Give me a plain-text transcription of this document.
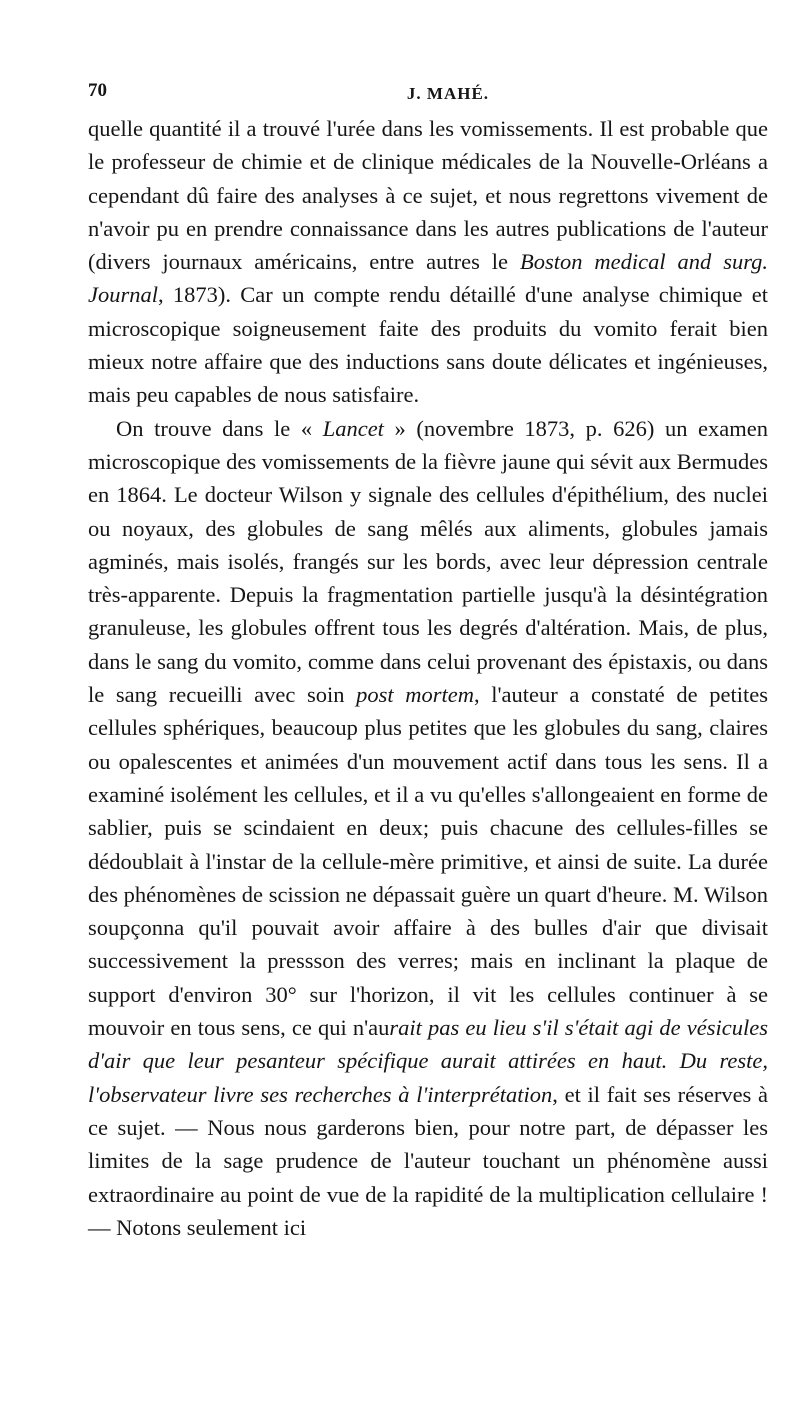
70	J. MAHÉ.

quelle quantité il a trouvé l'urée dans les vomissements. Il est probable que le professeur de chimie et de clinique médicales de la Nouvelle-Orléans a cependant dû faire des analyses à ce sujet, et nous regrettons vivement de n'avoir pu en prendre connaissance dans les autres publications de l'auteur (divers journaux américains, entre autres le Boston medical and surg. Journal, 1873). Car un compte rendu détaillé d'une analyse chimique et microscopique soigneusement faite des produits du vomito ferait bien mieux notre affaire que des inductions sans doute délicates et ingénieuses, mais peu capables de nous satisfaire.

On trouve dans le « Lancet » (novembre 1873, p. 626) un examen microscopique des vomissements de la fièvre jaune qui sévit aux Bermudes en 1864. Le docteur Wilson y signale des cellules d'épithélium, des nuclei ou noyaux, des globules de sang mêlés aux aliments, globules jamais agminés, mais isolés, frangés sur les bords, avec leur dépression centrale très-apparente. Depuis la fragmentation partielle jusqu'à la désintégration granuleuse, les globules offrent tous les degrés d'altération. Mais, de plus, dans le sang du vomito, comme dans celui provenant des épistaxis, ou dans le sang recueilli avec soin post mortem, l'auteur a constaté de petites cellules sphériques, beaucoup plus petites que les globules du sang, claires ou opalescentes et animées d'un mouvement actif dans tous les sens. Il a examiné isolément les cellules, et il a vu qu'elles s'allongeaient en forme de sablier, puis se scindaient en deux; puis chacune des cellules-filles se dédoublait à l'instar de la cellule-mère primitive, et ainsi de suite. La durée des phénomènes de scission ne dépassait guère un quart d'heure. M. Wilson soupçonna qu'il pouvait avoir affaire à des bulles d'air que divisait successivement la pressson des verres; mais en inclinant la plaque de support d'environ 30° sur l'horizon, il vit les cellules continuer à se mouvoir en tous sens, ce qui n'aurait pas eu lieu s'il s'était agi de vésicules d'air que leur pesanteur spécifique aurait attirées en haut. Du reste, l'observateur livre ses recherches à l'interprétation, et il fait ses réserves à ce sujet. — Nous nous garderons bien, pour notre part, de dépasser les limites de la sage prudence de l'auteur touchant un phénomène aussi extraordinaire au point de vue de la rapidité de la multiplication cellulaire ! — Notons seulement ici
